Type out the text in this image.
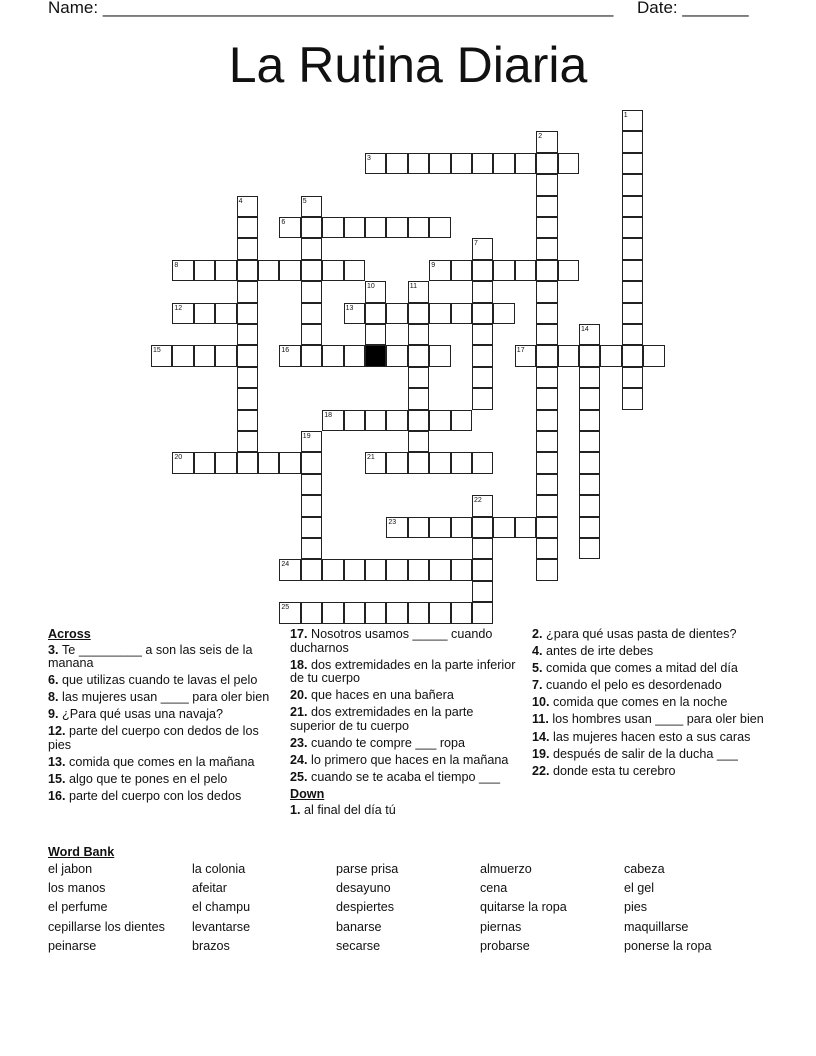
Name: ______________________________________________________ Date: _______
La Rutina Diaria
1
2
3
4	5
6
7
8	9
10	11
12	13
14
15	16	17
18
19
20	21
22
23
24
25
Across
3. Te _________ a son las seis de la manana
6. que utilizas cuando te lavas el pelo
8. las mujeres usan ____ para oler bien
9. ¿Para qué usas una navaja?
12. parte del cuerpo con dedos de los pies
13. comida que comes en la mañana
15. algo que te pones en el pelo
16. parte del cuerpo con los dedos
17. Nosotros usamos _____ cuando ducharnos
18. dos extremidades en la parte inferior de tu cuerpo
20. que haces en una bañera
21. dos extremidades en la parte superior de tu cuerpo
23. cuando te compre ___ ropa
24. lo primero que haces en la mañana
25. cuando se te acaba el tiempo ___
Down
1. al final del día tú
2. ¿para qué usas pasta de dientes?
4. antes de irte debes
5. comida que comes a mitad del día
7. cuando el pelo es desordenado
10. comida que comes en la noche
11. los hombres usan ____ para oler bien
14. las mujeres hacen esto a sus caras
19. después de salir de la ducha ___
22. donde esta tu cerebro
Word Bank
el jabon
los manos
el perfume
cepillarse los dientes
peinarse
la colonia
afeitar
el champu
levantarse
brazos
parse prisa
desayuno
despiertes
banarse
secarse
almuerzo
cena
quitarse la ropa
piernas
probarse
cabeza
el gel
pies
maquillarse
ponerse la ropa
